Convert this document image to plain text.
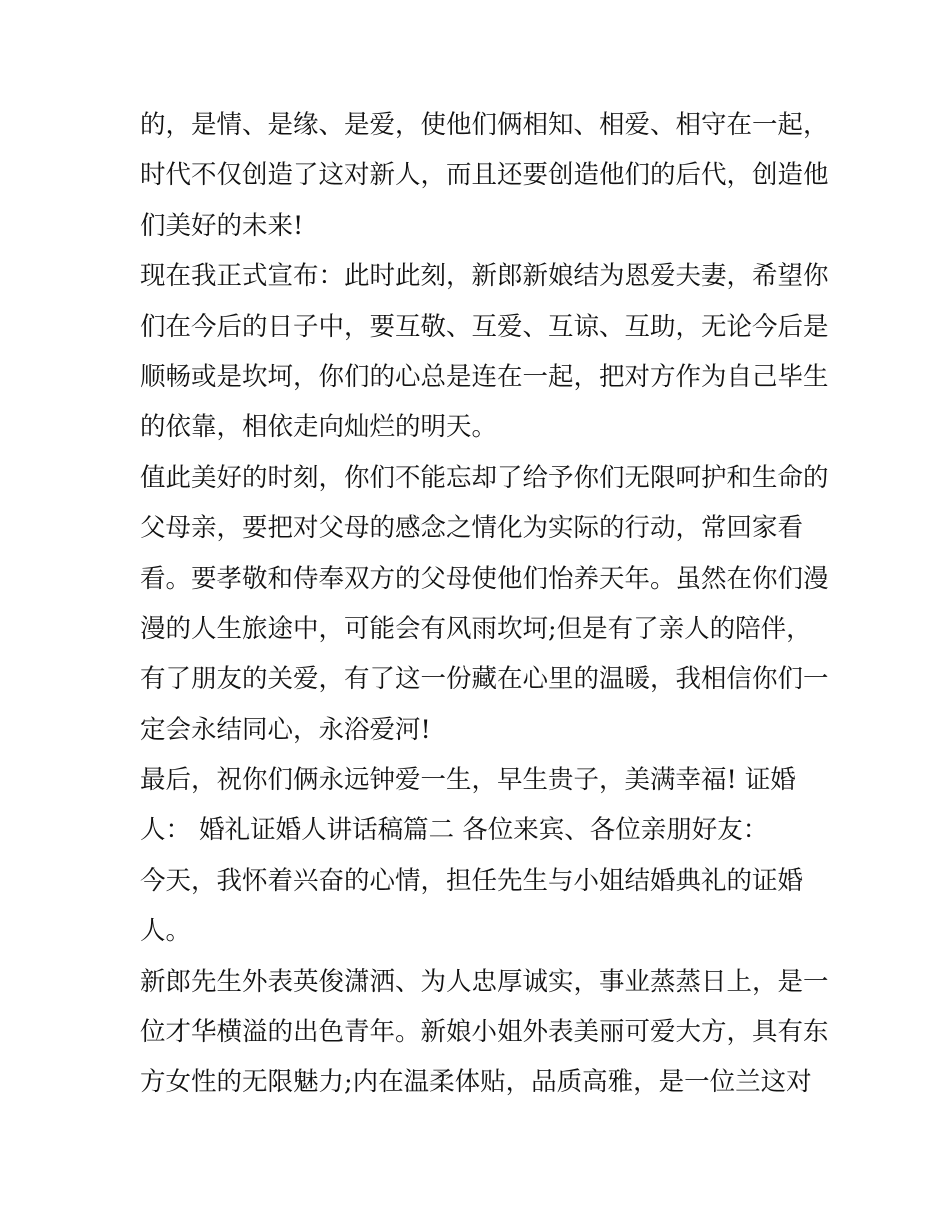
的，是情、是缘、是爱，使他们俩相知、相爱、相守在一起，
时代不仅创造了这对新人，而且还要创造他们的后代，创造他
们美好的未来!
现在我正式宣布：此时此刻，新郎新娘结为恩爱夫妻，希望你
们在今后的日子中，要互敬、互爱、互谅、互助，无论今后是
顺畅或是坎坷，你们的心总是连在一起，把对方作为自己毕生
的依靠，相依走向灿烂的明天。
值此美好的时刻，你们不能忘却了给予你们无限呵护和生命的
父母亲，要把对父母的感念之情化为实际的行动，常回家看
看。要孝敬和侍奉双方的父母使他们怡养天年。虽然在你们漫
漫的人生旅途中，可能会有风雨坎坷;但是有了亲人的陪伴，
有了朋友的关爱，有了这一份藏在心里的温暖，我相信你们一
定会永结同心，永浴爱河!
最后，祝你们俩永远钟爱一生，早生贵子，美满幸福! 证婚
人： 婚礼证婚人讲话稿篇二 各位来宾、各位亲朋好友：
今天，我怀着兴奋的心情，担任先生与小姐结婚典礼的证婚
人。
新郎先生外表英俊潇洒、为人忠厚诚实，事业蒸蒸日上，是一
位才华横溢的出色青年。新娘小姐外表美丽可爱大方，具有东
方女性的无限魅力;内在温柔体贴，品质高雅，是一位兰这对
